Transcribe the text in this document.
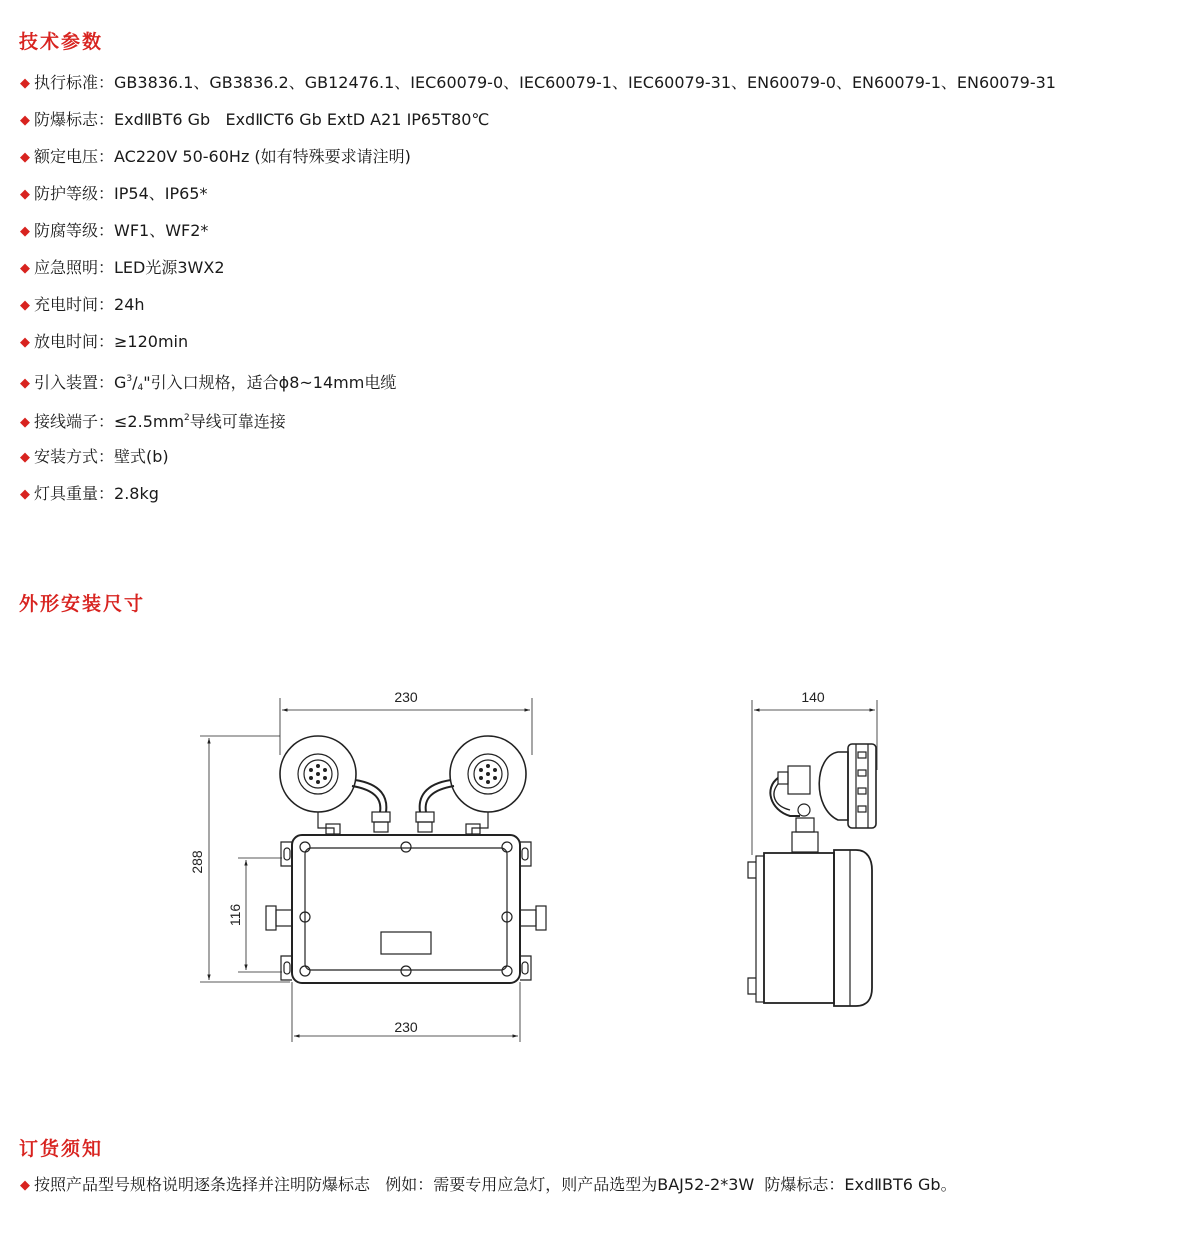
技术参数
◆ 执行标准：GB3836.1、GB3836.2、GB12476.1、IEC60079-0、IEC60079-1、IEC60079-31、EN60079-0、EN60079-1、EN60079-31
◆ 防爆标志：ExdⅡBT6 Gb   ExdⅡCT6 Gb ExtD A21 IP65T80℃
◆ 额定电压：AC220V 50-60Hz (如有特殊要求请注明)
◆ 防护等级：IP54、IP65*
◆ 防腐等级：WF1、WF2*
◆ 应急照明：LED光源3WX2
◆ 充电时间：24h
◆ 放电时间：≥120min
◆ 引入装置：$G^3/_4$"引入口规格，适合ϕ8~14mm电缆
◆ 接线端子：$\le 2.5mm^2$导线可靠连接
◆ 安装方式：壁式(b)
◆ 灯具重量：2.8kg
外形安装尺寸
230
288
116
230
140
订货须知
◆ 按照产品型号规格说明逐条选择并注明防爆标志   例如：需要专用应急灯，则产品选型为BAJ52-2*3W  防爆标志：ExdⅡBT6 Gb。
